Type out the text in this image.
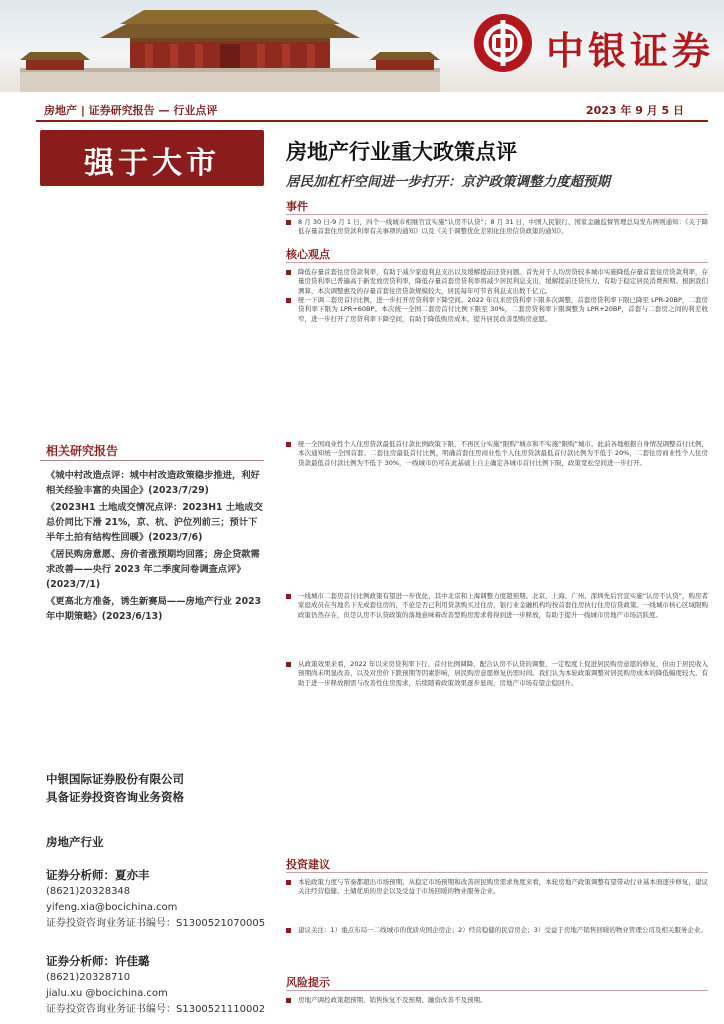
中银证券
房地产 | 证券研究报告 — 行业点评	2023 年 9 月 5 日
强于大市
相关研究报告
《城中村改造点评：城中村改造政策稳步推进，利好相关经验丰富的央国企》(2023/7/29)
《2023H1 土地成交情况点评：2023H1 土地成交总价同比下滑 21%，京、杭、沪位列前三；预计下半年土拍有结构性回暖》(2023/7/6)
《居民购房意愿、房价者涨预期均回落；房企贷款需求改善——央行 2023 年二季度问卷调查点评》(2023/7/1)
《更高北方准备，诱生新赛局——房地产行业 2023 年中期策略》(2023/6/13)
中银国际证券股份有限公司
具备证券投资咨询业务资格
房地产行业
证券分析师：夏亦丰
(8621)20328348
yifeng.xia@bocichina.com
证券投资咨询业务证书编号：S1300521070005
证券分析师：许佳璐
(8621)20328710
jialu.xu @bocichina.com
证券投资咨询业务证书编号：S1300521110002
房地产行业重大政策点评
居民加杠杆空间进一步打开：京沪政策调整力度超预期
事件
8 月 30 日-9 月 1 日，四个一线城市相继官宣实施“认房不认贷”；8 月 31 日，中国人民银行、国家金融监督管理总局发布两则通知：《关于降低存量首套住房贷款利率有关事项的通知》以及《关于调整优化差别化住房信贷政策的通知》。
核心观点
降低存量首套住房贷款利率，有助于减少家庭利息支出以及缓解提前还贷问题。首先对于人均房贷较多城市实施降低存量首套住房贷款利率，存量房贷利率已普遍高于新发放房贷利率，降低存量首套房贷利率将减少居民利息支出，缓解提前还贷压力，有助于稳定居民消费预期。根据我们测算，本次调整惠及的存量首套住房贷款规模较大，居民每年可节省利息支出数千亿元。
统一下调二套房首付比例，进一步打开房贷利率下降空间。2022 年以来房贷利率下限多次调整，首套房贷利率下限已降至 LPR-20BP，二套房贷利率下限为 LPR+60BP。本次统一全国二套房首付比例下限至 30%，二套房贷利率下限调整为 LPR+20BP，首套与二套房之间的利差收窄，进一步打开了房贷利率下降空间，有助于降低购房成本，提升居民改善型购房意愿。
统一全国商业性个人住房贷款最低首付款比例政策下限，不再区分实施“限购”城市和不实施“限购”城市。此前各地根据自身情况调整首付比例，本次通知统一全国首套、二套住房最低首付比例，明确首套住房商业性个人住房贷款最低首付款比例为不低于 20%，二套住房商业性个人住房贷款最低首付款比例为不低于 30%，一线城市仍可在此基础上自主确定各城市首付比例下限，政策宽松空间进一步打开。
一线城市二套房首付比例政策有望进一步优化，其中北京和上海调整力度超预期。北京、上海、广州、深圳先后官宣实施“认房不认贷”，购房者家庭成员在当地名下无成套住房的，不论是否已利用贷款购买过住房，银行业金融机构均按首套住房执行住房信贷政策。一线城市核心区域限购政策仍然存在，但是认房不认贷政策的落地意味着改善型购房需求将得到进一步释放，有助于提升一线城市房地产市场活跃度。
从政策效果来看，2022 年以来房贷利率下行、首付比例调降、配合认房不认贷的调整，一定程度上促进居民购房意愿的修复，但由于居民收入预期尚未明显改善，以及对房价下跌预期等因素影响，居民购房意愿修复仍需时间。我们认为本轮政策调整对居民购房成本的降低幅度较大，有助于进一步释放刚需与改善性住房需求，后续随着政策效果逐步显现，房地产市场有望企稳回升。
投资建议
本轮政策力度与节奏都超出市场预期，从稳定市场预期和改善居民购房需求角度来看，本轮房地产政策调整有望带动行业基本面逐步修复，建议关注经营稳健、土储优质的房企以及受益于市场回暖的物业服务企业。
建议关注：1）重点布局一二线城市的优质央国企房企；2）经营稳健的民营房企；3）受益于房地产销售回暖的物业管理公司及相关服务企业。
风险提示
房地产调控政策超预期、销售恢复不及预期、融资改善不及预期。
